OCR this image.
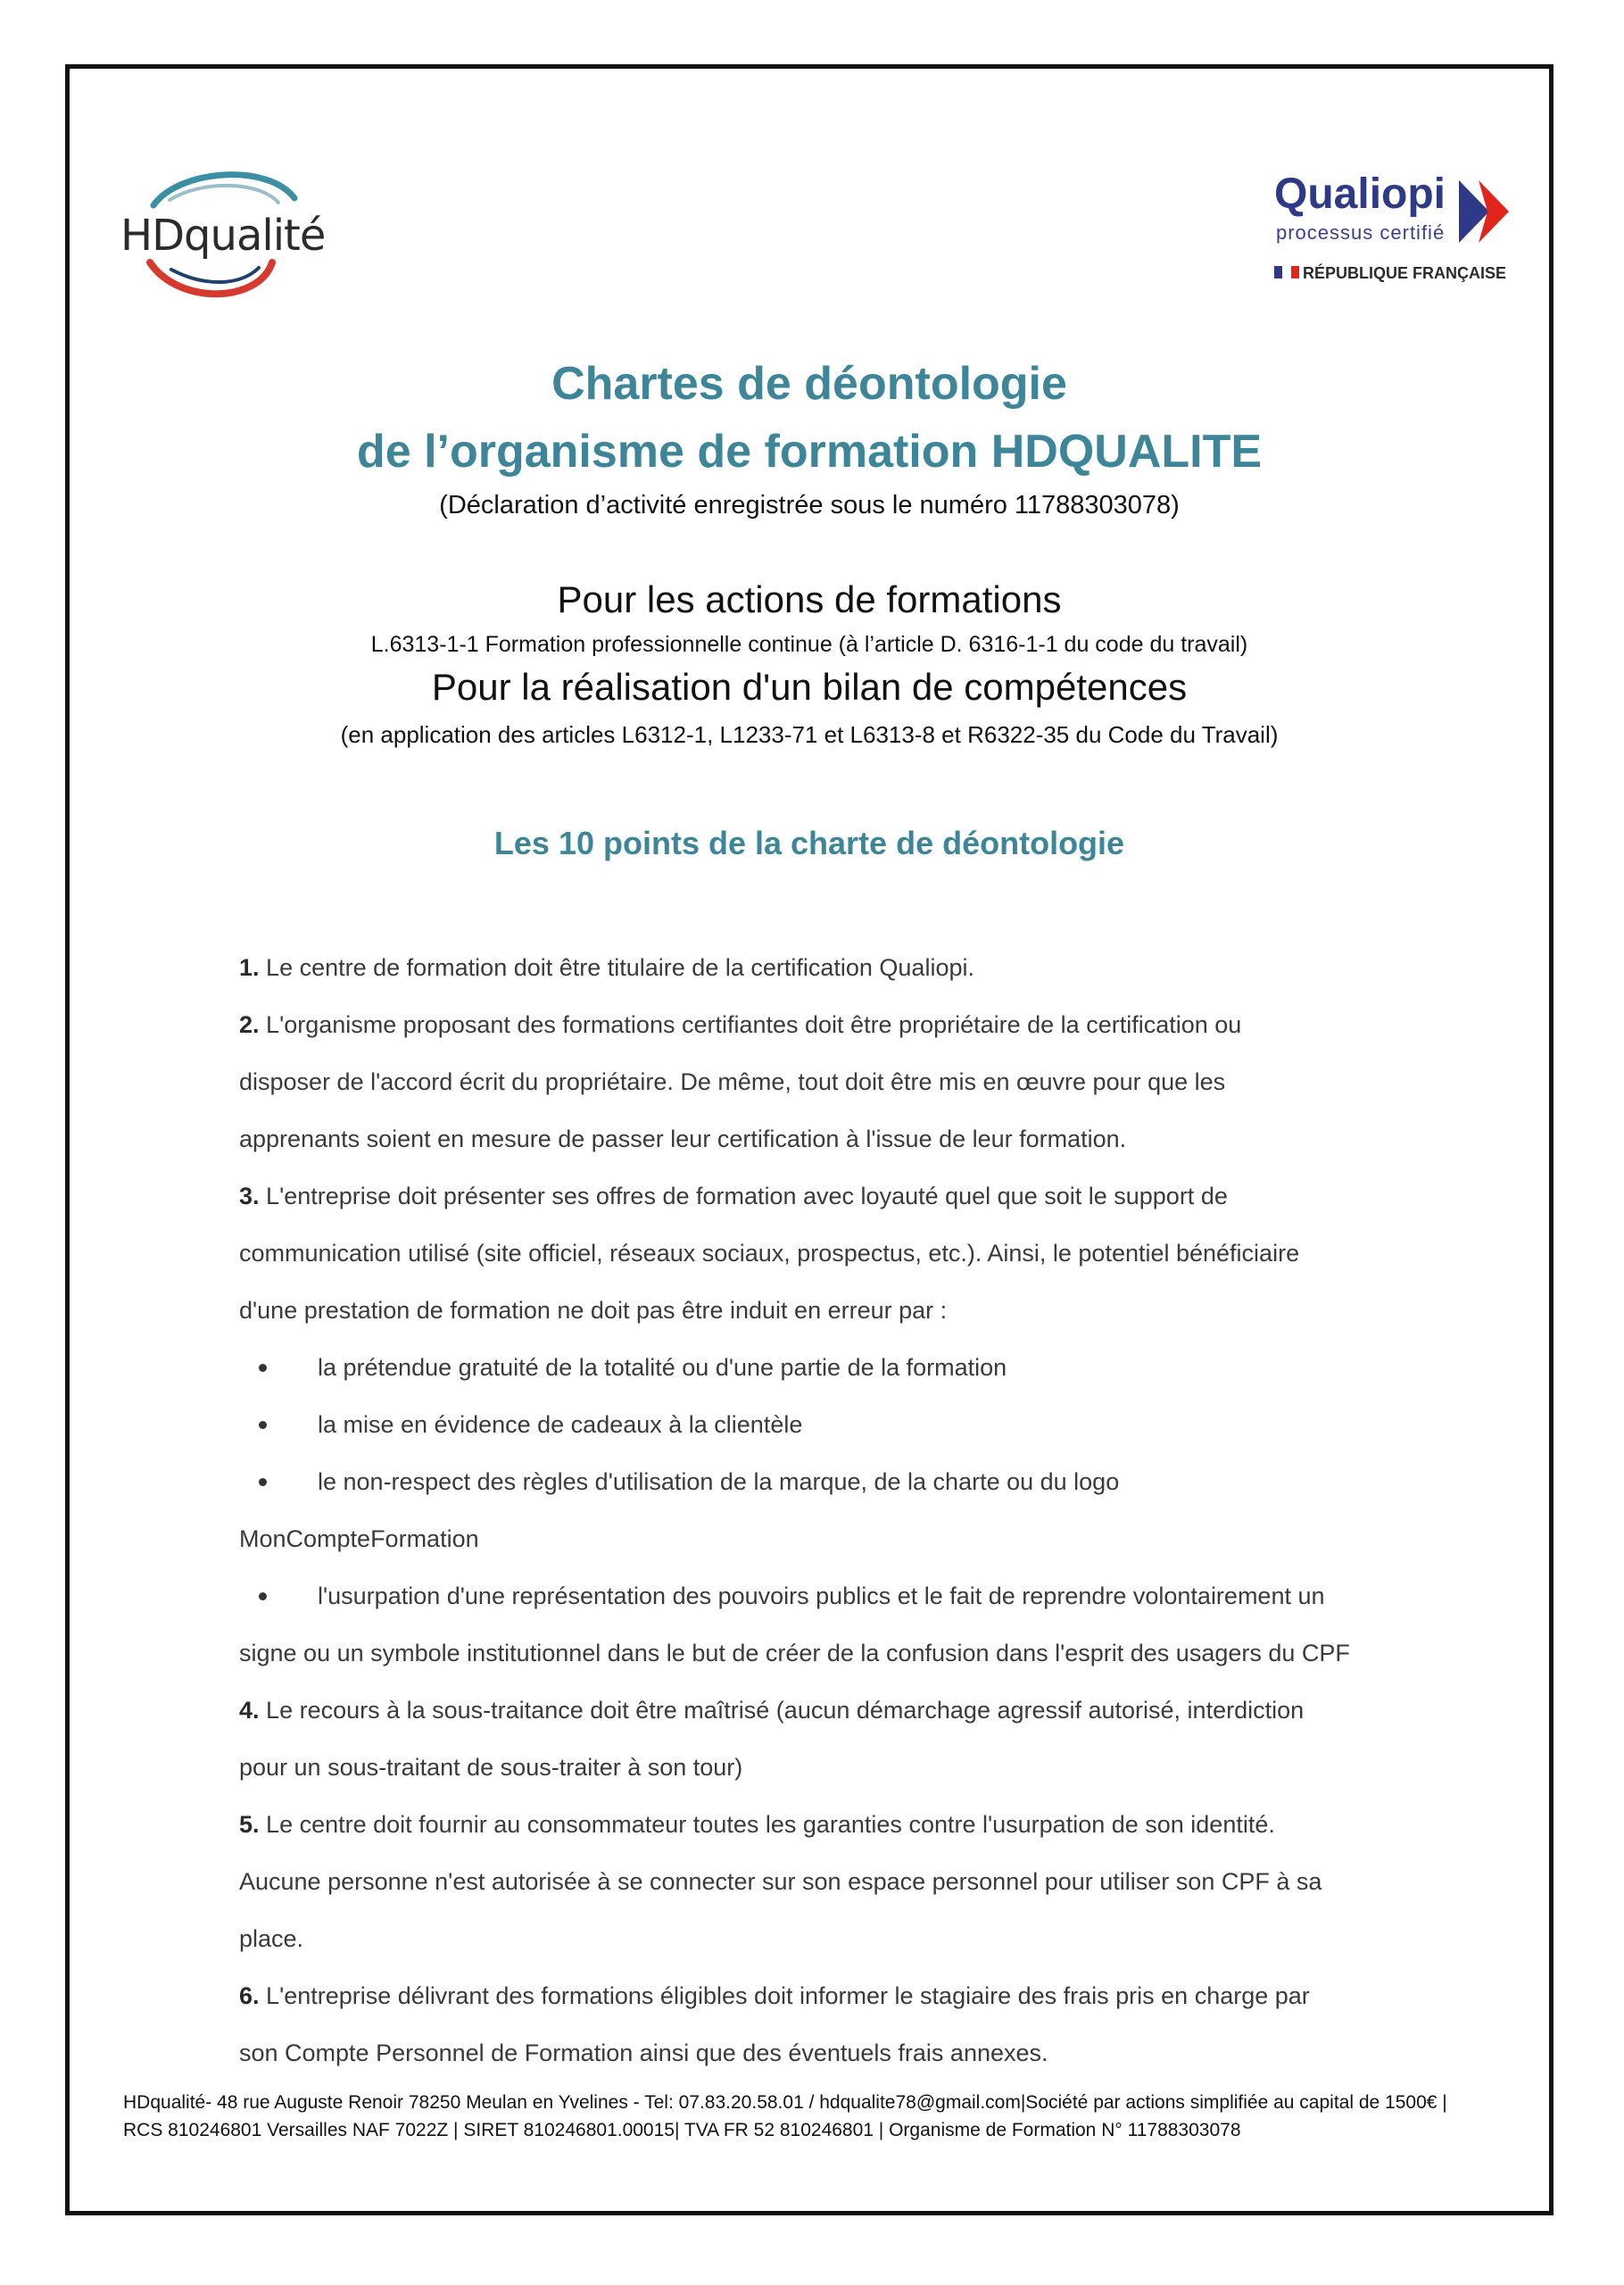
HDqualité
Qualiopi
processus certifié
RÉPUBLIQUE FRANÇAISE
Chartes de déontologie
de l’organisme de formation HDQUALITE
(Déclaration d’activité enregistrée sous le numéro 11788303078)
Pour les actions de formations
L.6313-1-1 Formation professionnelle continue (à l’article D. 6316-1-1 du code du travail)
Pour la réalisation d'un bilan de compétences
(en application des articles L6312-1, L1233-71 et L6313-8 et R6322-35 du Code du Travail)
Les 10 points de la charte de déontologie
1. Le centre de formation doit être titulaire de la certification Qualiopi.
2. L'organisme proposant des formations certifiantes doit être propriétaire de la certification ou
disposer de l'accord écrit du propriétaire. De même, tout doit être mis en œuvre pour que les
apprenants soient en mesure de passer leur certification à l'issue de leur formation.
3. L'entreprise doit présenter ses offres de formation avec loyauté quel que soit le support de
communication utilisé (site officiel, réseaux sociaux, prospectus, etc.). Ainsi, le potentiel bénéficiaire
d'une prestation de formation ne doit pas être induit en erreur par :
la prétendue gratuité de la totalité ou d'une partie de la formation
la mise en évidence de cadeaux à la clientèle
le non-respect des règles d'utilisation de la marque, de la charte ou du logo
MonCompteFormation
l'usurpation d'une représentation des pouvoirs publics et le fait de reprendre volontairement un
signe ou un symbole institutionnel dans le but de créer de la confusion dans l'esprit des usagers du CPF
4. Le recours à la sous-traitance doit être maîtrisé (aucun démarchage agressif autorisé, interdiction
pour un sous-traitant de sous-traiter à son tour)
5. Le centre doit fournir au consommateur toutes les garanties contre l'usurpation de son identité.
Aucune personne n'est autorisée à se connecter sur son espace personnel pour utiliser son CPF à sa
place.
6. L'entreprise délivrant des formations éligibles doit informer le stagiaire des frais pris en charge par
son Compte Personnel de Formation ainsi que des éventuels frais annexes.
HDqualité- 48 rue Auguste Renoir 78250 Meulan en Yvelines - Tel: 07.83.20.58.01 / hdqualite78@gmail.com|Société par actions simplifiée au capital de 1500€ |
RCS 810246801 Versailles NAF 7022Z | SIRET 810246801.00015| TVA FR 52 810246801 | Organisme de Formation N° 11788303078
